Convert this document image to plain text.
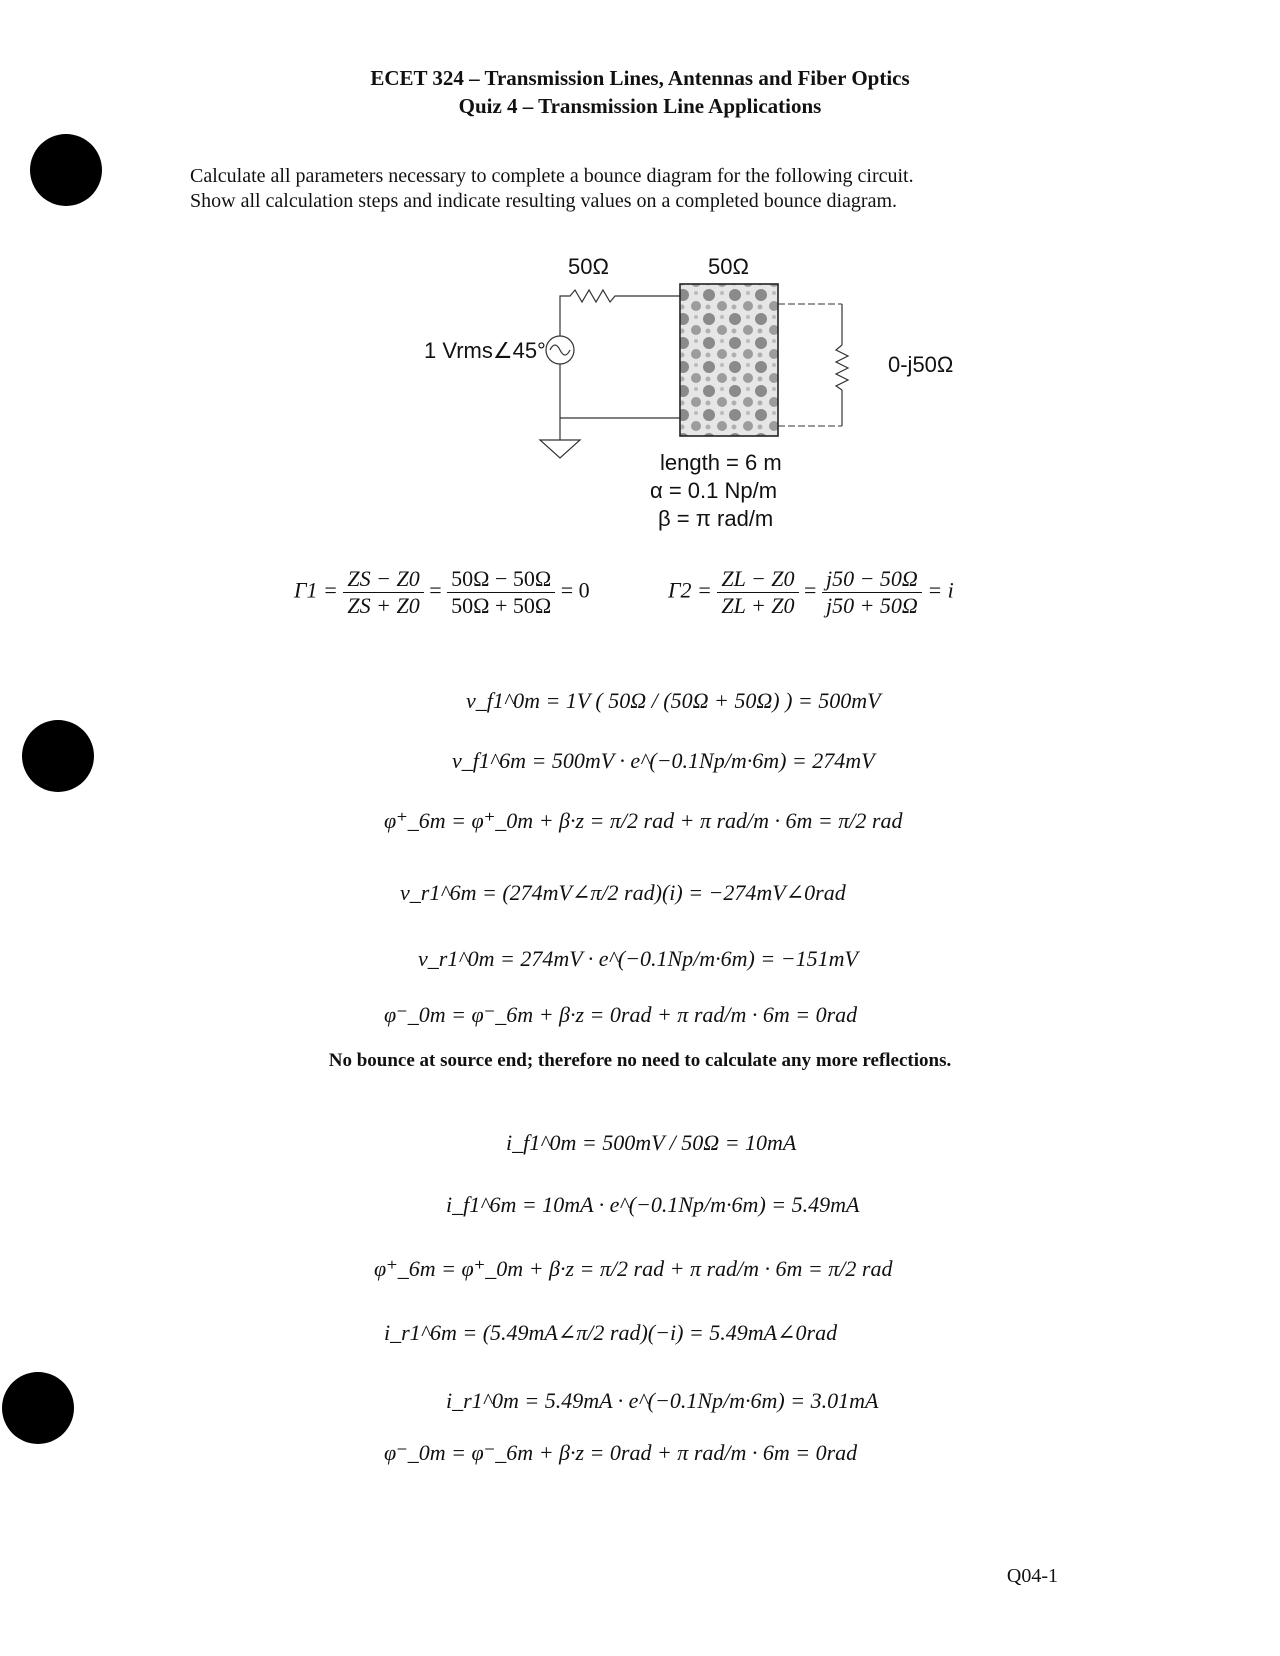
ECET 324 – Transmission Lines, Antennas and Fiber Optics
Quiz 4 – Transmission Line Applications
Calculate all parameters necessary to complete a bounce diagram for the following circuit.
Show all calculation steps and indicate resulting values on a completed bounce diagram.
50Ω	50Ω
1 Vrms∠45°
0-j50Ω
length = 6 m
α = 0.1 Np/m
β = π rad/m
$\Gamma 1 = \frac{ZS - Z0}{ZS + Z0} = \frac{50\Omega - 50\Omega}{50\Omega + 50\Omega} = 0$	$\Gamma 2 = \frac{ZL - Z0}{ZL + Z0} = \frac{j50 - 50\Omega}{j50 + 50\Omega} = i$
v_f1^0m = 1V ( 50Ω / (50Ω + 50Ω) ) = 500mV
v_f1^6m = 500mV · e^(−0.1Np/m·6m) = 274mV
φ⁺_6m = φ⁺_0m + β·z = π/2 rad + π rad/m · 6m = π/2 rad
v_r1^6m = (274mV∠π/2 rad)(i) = −274mV∠0rad
v_r1^0m = 274mV · e^(−0.1Np/m·6m) = −151mV
φ⁻_0m = φ⁻_6m + β·z = 0rad + π rad/m · 6m = 0rad
No bounce at source end; therefore no need to calculate any more reflections.
i_f1^0m = 500mV / 50Ω = 10mA
i_f1^6m = 10mA · e^(−0.1Np/m·6m) = 5.49mA
φ⁺_6m = φ⁺_0m + β·z = π/2 rad + π rad/m · 6m = π/2 rad
i_r1^6m = (5.49mA∠π/2 rad)(−i) = 5.49mA∠0rad
i_r1^0m = 5.49mA · e^(−0.1Np/m·6m) = 3.01mA
φ⁻_0m = φ⁻_6m + β·z = 0rad + π rad/m · 6m = 0rad
Q04-1
